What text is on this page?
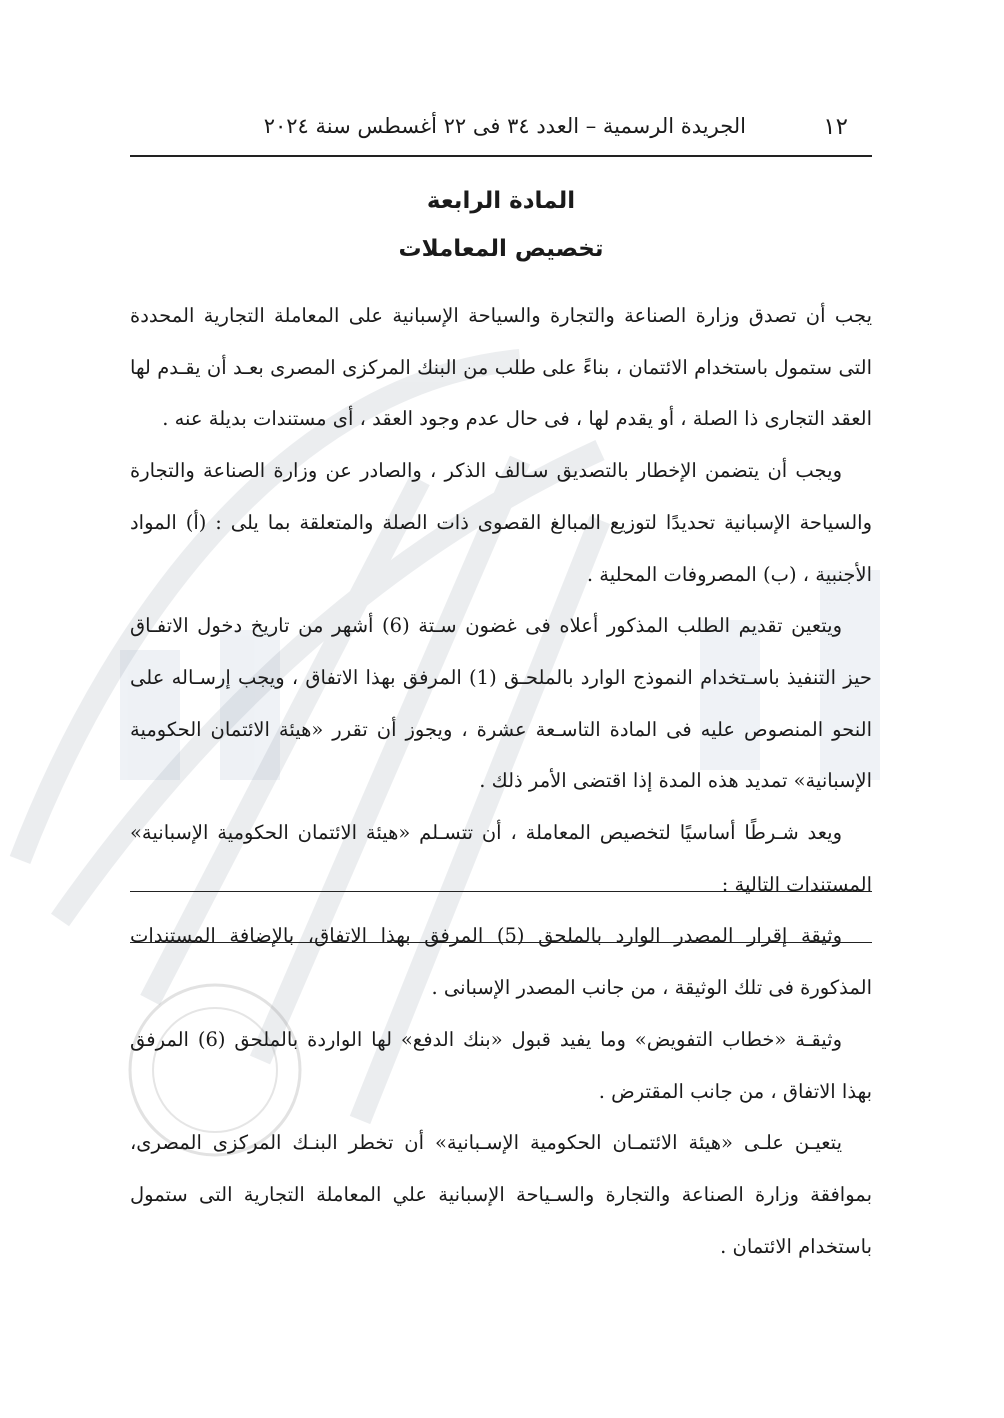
١٢
الجريدة الرسمية – العدد ٣٤ فى ٢٢ أغسطس سنة ٢٠٢٤
المادة الرابعة
تخصيص المعاملات

يجب أن تصدق وزارة الصناعة والتجارة والسياحة الإسبانية على المعاملة التجارية المحددة التى ستمول باستخدام الائتمان ، بناءً على طلب من البنك المركزى المصرى بعـد أن يقـدم لها العقد التجارى ذا الصلة ، أو يقدم لها ، فى حال عدم وجود العقد ، أى مستندات بديلة عنه .

ويجب أن يتضمن الإخطار بالتصديق سـالف الذكر ، والصادر عن وزارة الصناعة والتجارة والسياحة الإسبانية تحديدًا لتوزيع المبالغ القصوى ذات الصلة والمتعلقة بما يلى : (أ) المواد الأجنبية ، (ب) المصروفات المحلية .

ويتعين تقديم الطلب المذكور أعلاه فى غضون سـتة (6) أشهر من تاريخ دخول الاتفـاق حيز التنفيذ باسـتخدام النموذج الوارد بالملحـق (1) المرفق بهذا الاتفاق ، ويجب إرسـاله على النحو المنصوص عليه فى المادة التاسـعة عشرة ، ويجوز أن تقرر «هيئة الائتمان الحكومية الإسبانية» تمديد هذه المدة إذا اقتضى الأمر ذلك .

ويعد شـرطًا أساسيًا لتخصيص المعاملة ، أن تتسـلم «هيئة الائتمان الحكومية الإسبانية» المستندات التالية :

وثيقة إقرار المصدر الوارد بالملحق (5) المرفق بهذا الاتفاق، بالإضافة المستندات المذكورة فى تلك الوثيقة ، من جانب المصدر الإسبانى .

وثيقـة «خطاب التفويض» وما يفيد قبول «بنك الدفع» لها الواردة بالملحق (6) المرفق بهذا الاتفاق ، من جانب المقترض .

يتعيـن علـى «هيئة الائتمـان الحكومية الإسـبانية» أن تخطر البنـك المركزى المصرى، بموافقة وزارة الصناعة والتجارة والسـياحة الإسبانية علي المعاملة التجارية التى ستمول باستخدام الائتمان .
